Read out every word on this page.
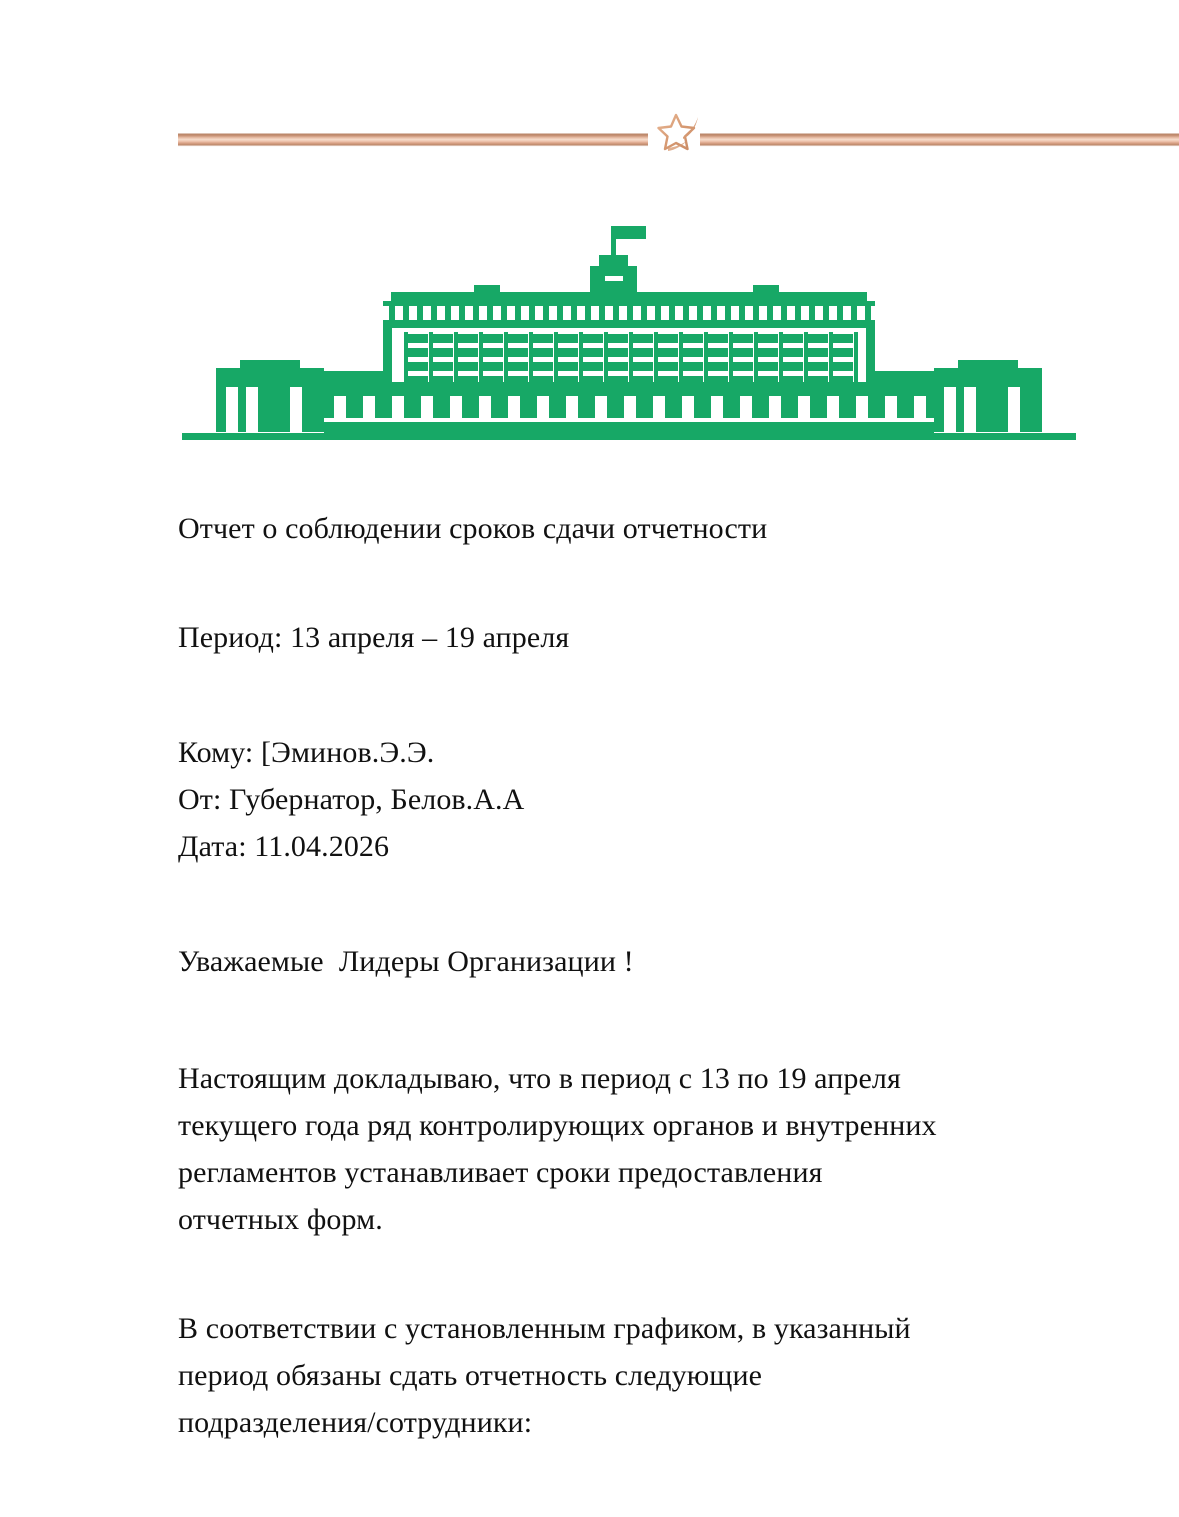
Отчет о соблюдении сроков сдачи отчетности
Период: 13 апреля – 19 апреля
Кому: [Эминов.Э.Э.
От: Губернатор, Белов.А.А
Дата: 11.04.2026
Уважаемые  Лидеры Организации !
Настоящим докладываю, что в период с 13 по 19 апреля
текущего года ряд контролирующих органов и внутренних
регламентов устанавливает сроки предоставления
отчетных форм.
В соответствии с установленным графиком, в указанный
период обязаны сдать отчетность следующие
подразделения/сотрудники:
